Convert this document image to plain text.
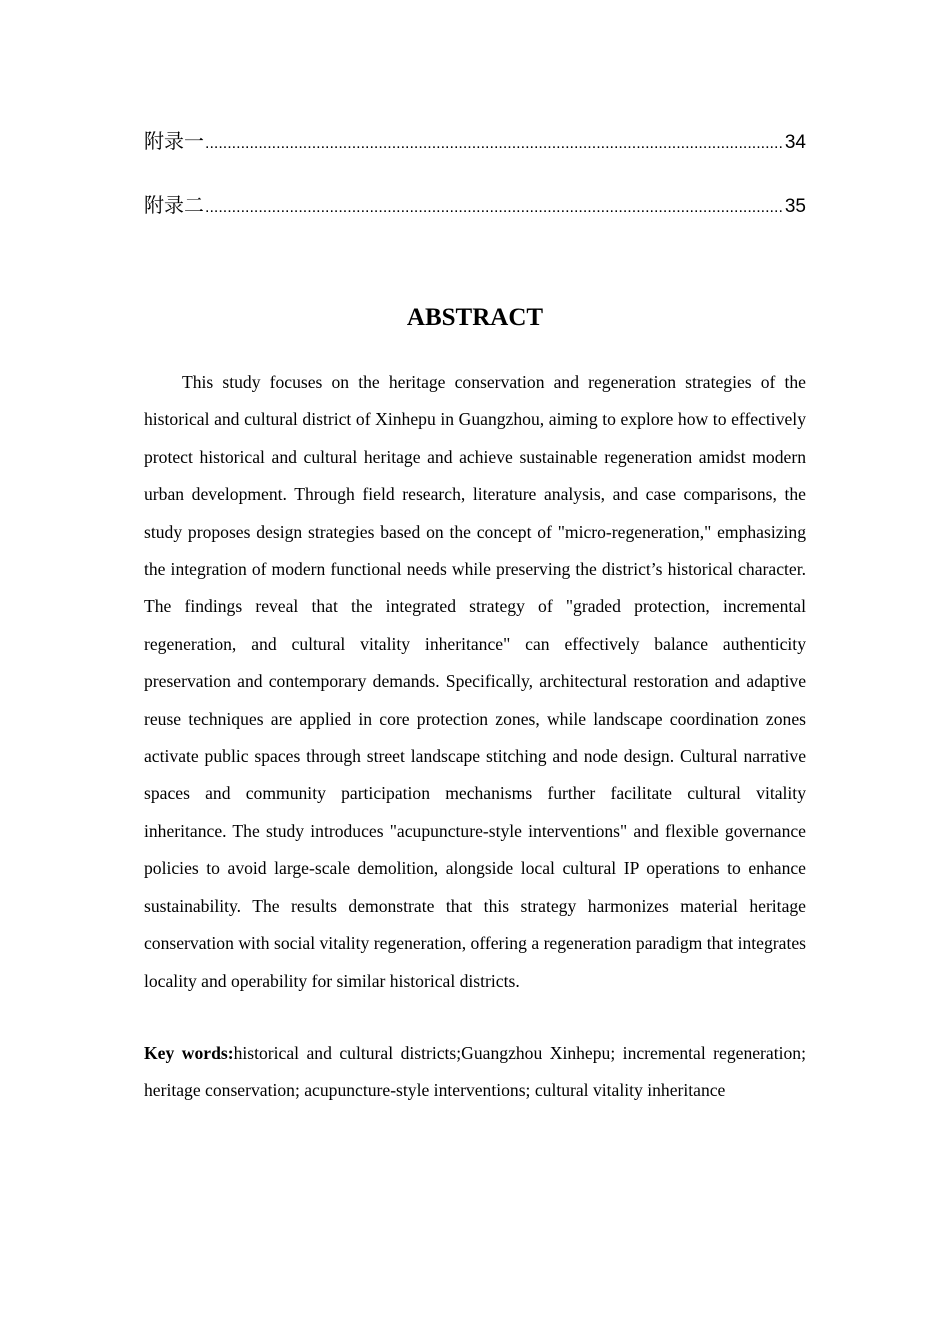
附录一 .....	34
附录二 .....	35
ABSTRACT

This study focuses on the heritage conservation and regeneration strategies of the historical and cultural district of Xinhepu in Guangzhou, aiming to explore how to effectively protect historical and cultural heritage and achieve sustainable regeneration amidst modern urban development. Through field research, literature analysis, and case comparisons, the study proposes design strategies based on the concept of "micro-regeneration," emphasizing the integration of modern functional needs while preserving the district’s historical character. The findings reveal that the integrated strategy of "graded protection, incremental regeneration, and cultural vitality inheritance" can effectively balance authenticity preservation and contemporary demands. Specifically, architectural restoration and adaptive reuse techniques are applied in core protection zones, while landscape coordination zones activate public spaces through street landscape stitching and node design. Cultural narrative spaces and community participation mechanisms further facilitate cultural vitality inheritance. The study introduces "acupuncture-style interventions" and flexible governance policies to avoid large-scale demolition, alongside local cultural IP operations to enhance sustainability. The results demonstrate that this strategy harmonizes material heritage conservation with social vitality regeneration, offering a regeneration paradigm that integrates locality and operability for similar historical districts.

Key words:historical and cultural districts;Guangzhou Xinhepu; incremental regeneration; heritage conservation; acupuncture-style interventions; cultural vitality inheritance
